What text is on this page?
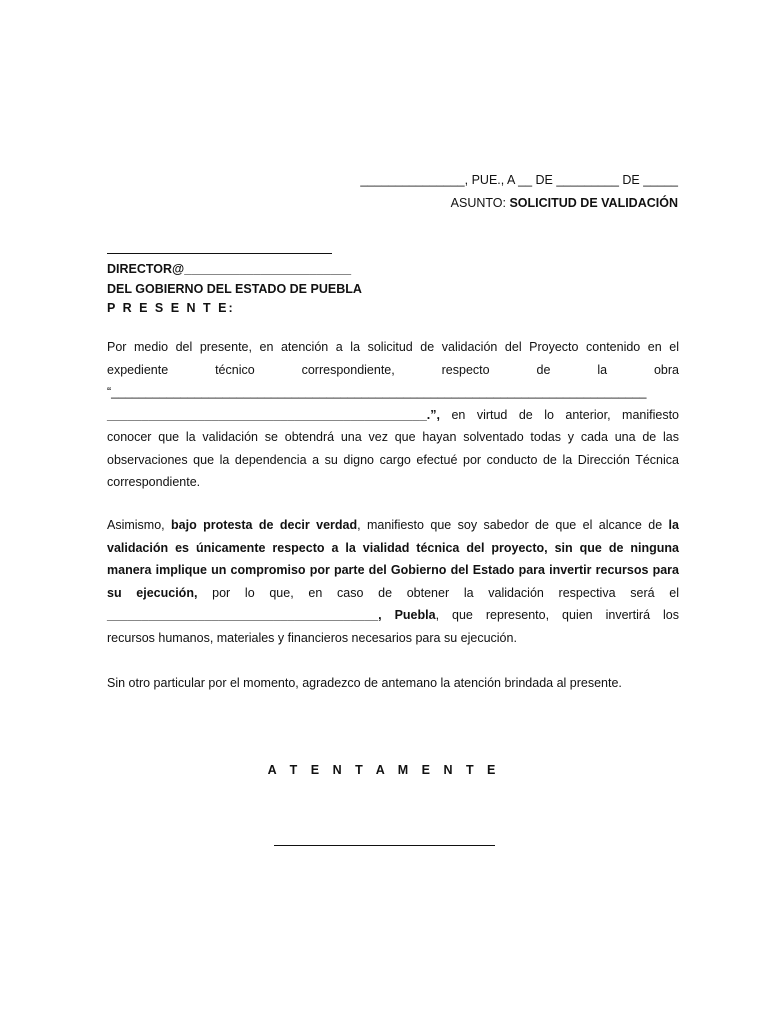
_______________, PUE., A __ DE _________ DE _____
ASUNTO: SOLICITUD DE VALIDACIÓN
DIRECTOR@________________________
DEL GOBIERNO DEL ESTADO DE PUEBLA
P R E S E N T E:
Por medio del presente, en atención a la solicitud de validación del Proyecto contenido en el
expediente técnico correspondiente, respecto de la obra
“_____________________________________________________________________________
______________________________________________.”, en virtud de lo anterior, manifiesto
conocer que la validación se obtendrá una vez que hayan solventado todas y cada una de las
observaciones que la dependencia a su digno cargo efectué por conducto de la Dirección Técnica
correspondiente.
Asimismo, bajo protesta de decir verdad, manifiesto que soy sabedor de que el alcance de la
validación es únicamente respecto a la vialidad técnica del proyecto, sin que de ninguna
manera implique un compromiso por parte del Gobierno del Estado para invertir recursos para
su ejecución, por lo que, en caso de obtener la validación respectiva será el
_______________________________________, Puebla, que represento, quien invertirá los
recursos humanos, materiales y financieros necesarios para su ejecución.
Sin otro particular por el momento, agradezco de antemano la atención brindada al presente.
A T E N T A M E N T E
